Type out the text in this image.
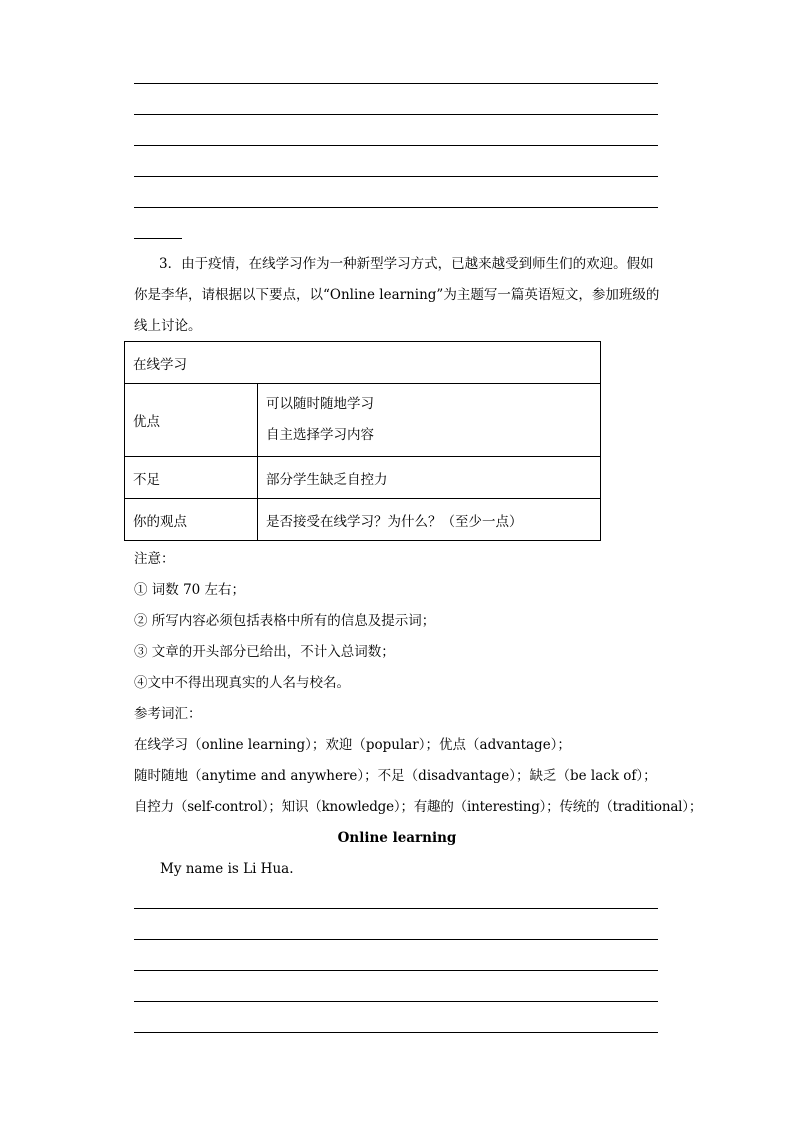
3．由于疫情，在线学习作为一种新型学习方式，已越来越受到师生们的欢迎。假如你是李华，请根据以下要点，以“Online learning”为主题写一篇英语短文，参加班级的线上讨论。
在线学习	
优点	可以随时随地学习
自主选择学习内容

不足	部分学生缺乏自控力
你的观点	是否接受在线学习？为什么？（至少一点）
注意：
① 词数 70 左右；
② 所写内容必须包括表格中所有的信息及提示词；
③ 文章的开头部分已给出，不计入总词数；
④文中不得出现真实的人名与校名。
参考词汇：
在线学习（online learning）；欢迎（popular）；优点（advantage）；
随时随地（anytime and anywhere）；不足（disadvantage）；缺乏（be lack of）；
自控力（self-control）；知识（knowledge）；有趣的（interesting）；传统的（traditional）；
Online learning
My name is Li Hua.
